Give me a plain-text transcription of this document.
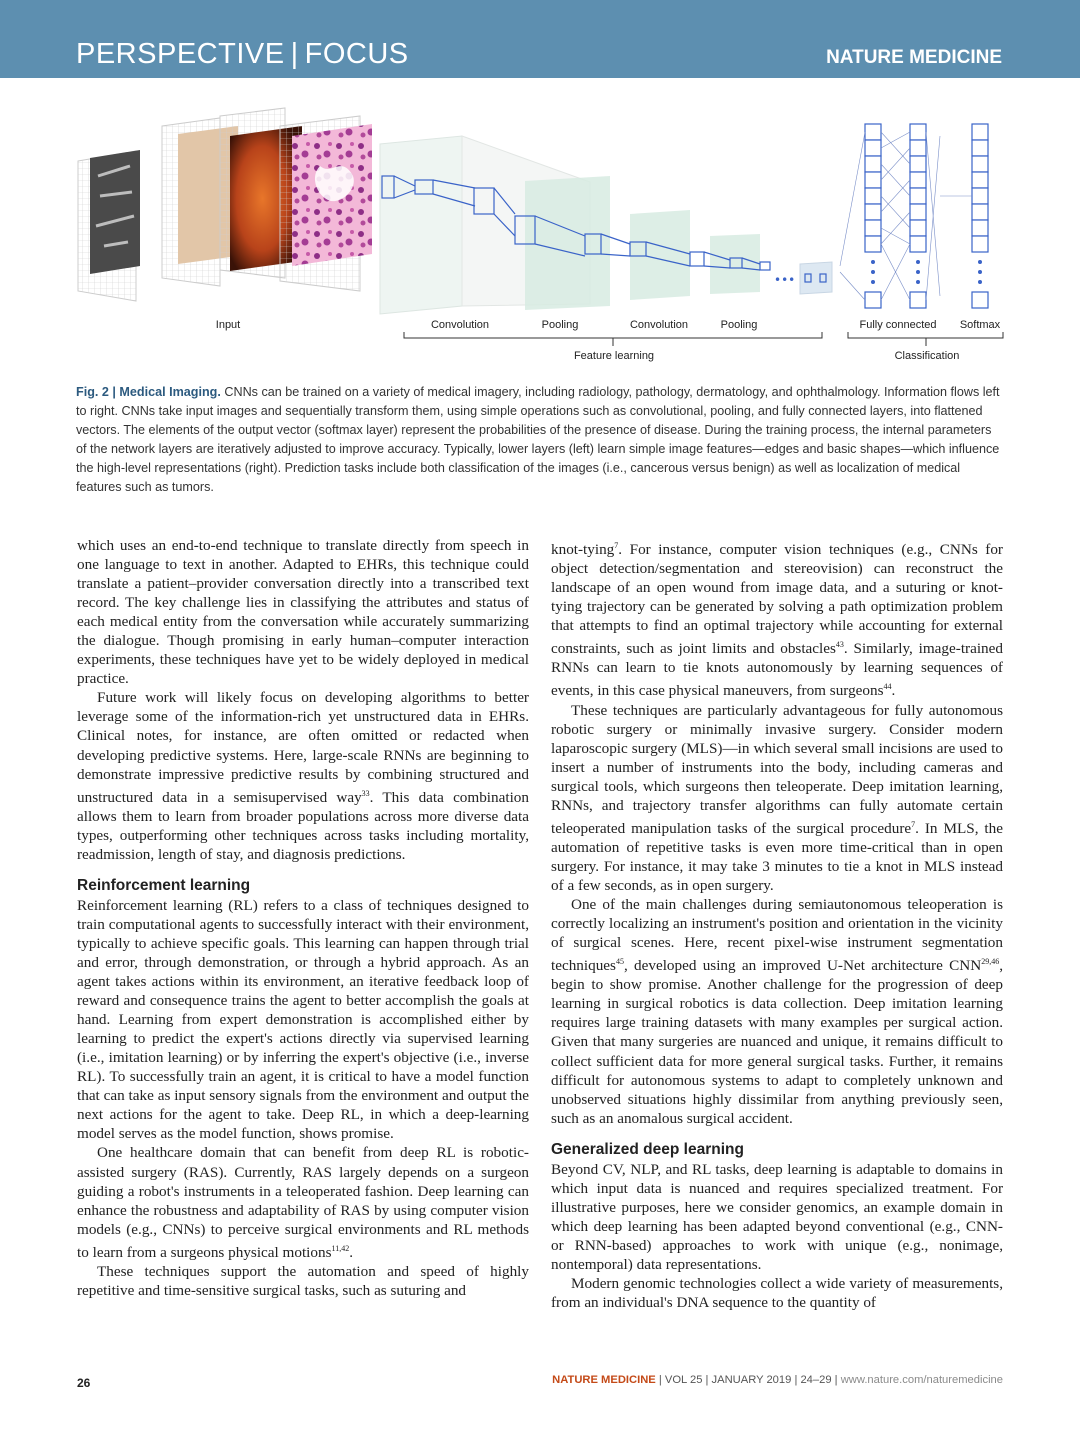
PERSPECTIVE | FOCUS	NATURE MEDICINE
•••
Input	Convolution	Pooling	Convolution	Pooling	Fully connected Softmax
Feature learning	Classification
Fig. 2 | Medical Imaging. CNNs can be trained on a variety of medical imagery, including radiology, pathology, dermatology, and ophthalmology. Information flows left to right. CNNs take input images and sequentially transform them, using simple operations such as convolutional, pooling, and fully connected layers, into flattened vectors. The elements of the output vector (softmax layer) represent the probabilities of the presence of disease. During the training process, the internal parameters of the network layers are iteratively adjusted to improve accuracy. Typically, lower layers (left) learn simple image features—edges and basic shapes—which influence the high-level representations (right). Prediction tasks include both classification of the images (i.e., cancerous versus benign) as well as localization of medical features such as tumors.

which uses an end-to-end technique to translate directly from speech in one language to text in another. Adapted to EHRs, this technique could translate a patient–provider conversation directly into a transcribed text record. The key challenge lies in classifying the attributes and status of each medical entity from the conversation while accurately summarizing the dialogue. Though promising in early human–computer interaction experiments, these techniques have yet to be widely deployed in medical practice.

Future work will likely focus on developing algorithms to better leverage some of the information-rich yet unstructured data in EHRs. Clinical notes, for instance, are often omitted or redacted when developing predictive systems. Here, large-scale RNNs are beginning to demonstrate impressive predictive results by combining structured and unstructured data in a semisupervised way$^{33}$. This data combination allows them to learn from broader populations across more diverse data types, outperforming other techniques across tasks including mortality, readmission, length of stay, and diagnosis predictions.

Reinforcement learning

Reinforcement learning (RL) refers to a class of techniques designed to train computational agents to successfully interact with their environment, typically to achieve specific goals. This learning can happen through trial and error, through demonstration, or through a hybrid approach. As an agent takes actions within its environment, an iterative feedback loop of reward and consequence trains the agent to better accomplish the goals at hand. Learning from expert demonstration is accomplished either by learning to predict the expert's actions directly via supervised learning (i.e., imitation learning) or by inferring the expert's objective (i.e., inverse RL). To successfully train an agent, it is critical to have a model function that can take as input sensory signals from the environment and output the next actions for the agent to take. Deep RL, in which a deep-learning model serves as the model function, shows promise.

One healthcare domain that can benefit from deep RL is robotic-assisted surgery (RAS). Currently, RAS largely depends on a surgeon guiding a robot's instruments in a teleoperated fashion. Deep learning can enhance the robustness and adaptability of RAS by using computer vision models (e.g., CNNs) to perceive surgical environments and RL methods to learn from a surgeons physical motions$^{11,42}$.

These techniques support the automation and speed of highly repetitive and time-sensitive surgical tasks, such as suturing and

knot-tying$^7$. For instance, computer vision techniques (e.g., CNNs for object detection/segmentation and stereovision) can reconstruct the landscape of an open wound from image data, and a suturing or knot-tying trajectory can be generated by solving a path optimization problem that attempts to find an optimal trajectory while accounting for external constraints, such as joint limits and obstacles$^{43}$. Similarly, image-trained RNNs can learn to tie knots autonomously by learning sequences of events, in this case physical maneuvers, from surgeons$^{44}$.

These techniques are particularly advantageous for fully autonomous robotic surgery or minimally invasive surgery. Consider modern laparoscopic surgery (MLS)—in which several small incisions are used to insert a number of instruments into the body, including cameras and surgical tools, which surgeons then teleoperate. Deep imitation learning, RNNs, and trajectory transfer algorithms can fully automate certain teleoperated manipulation tasks of the surgical procedure$^7$. In MLS, the automation of repetitive tasks is even more time-critical than in open surgery. For instance, it may take 3 minutes to tie a knot in MLS instead of a few seconds, as in open surgery.

One of the main challenges during semiautonomous teleoperation is correctly localizing an instrument's position and orientation in the vicinity of surgical scenes. Here, recent pixel-wise instrument segmentation techniques$^{45}$, developed using an improved U-Net architecture CNN$^{29,46}$, begin to show promise. Another challenge for the progression of deep learning in surgical robotics is data collection. Deep imitation learning requires large training datasets with many examples per surgical action. Given that many surgeries are nuanced and unique, it remains difficult to collect sufficient data for more general surgical tasks. Further, it remains difficult for autonomous systems to adapt to completely unknown and unobserved situations highly dissimilar from anything previously seen, such as an anomalous surgical accident.

Generalized deep learning

Beyond CV, NLP, and RL tasks, deep learning is adaptable to domains in which input data is nuanced and requires specialized treatment. For illustrative purposes, here we consider genomics, an example domain in which deep learning has been adapted beyond conventional (e.g., CNN- or RNN-based) approaches to work with unique (e.g., nonimage, nontemporal) data representations.

Modern genomic technologies collect a wide variety of measurements, from an individual's DNA sequence to the quantity of

26	NATURE MEDICINE | VOL 25 | JANUARY 2019 | 24–29 | www.nature.com/naturemedicine
